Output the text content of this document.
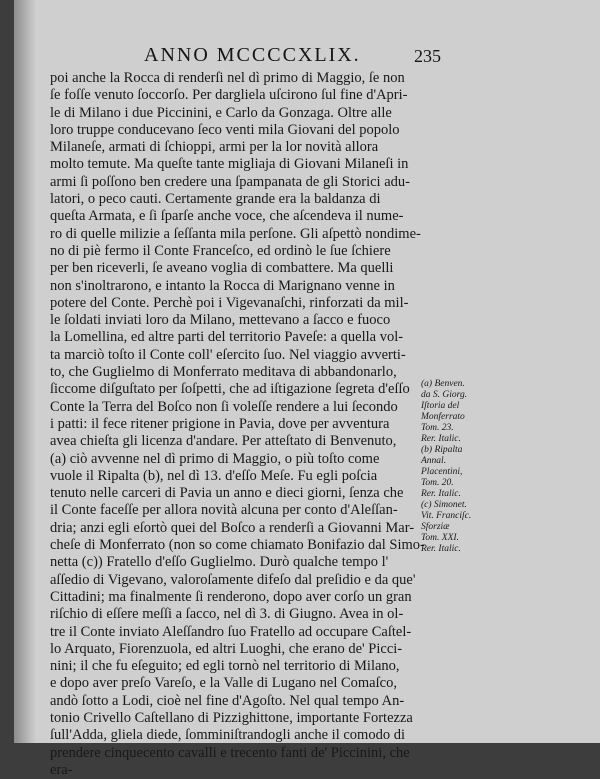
ANNO MCCCCXLIX.	235
poi anche la Rocca di renderſi nel dì primo di Maggio, ſe non
ſe foſſe venuto ſoccorſo. Per dargliela uſcirono ſul fine d'Apri-
le di Milano i due Piccinini, e Carlo da Gonzaga. Oltre alle
loro truppe conducevano ſeco venti mila Giovani del popolo
Milaneſe, armati di ſchioppi, armi per la lor novità allora
molto temute. Ma queſte tante migliaja di Giovani Milaneſi in
armi ſi poſſono ben credere una ſpampanata de gli Storici adu-
latori, o peco cauti. Certamente grande era la baldanza di
queſta Armata, e ſi ſparſe anche voce, che aſcendeva il nume-
ro di quelle milizie a ſeſſanta mila perſone. Gli aſpettò nondime-
no di piè fermo il Conte Franceſco, ed ordinò le ſue ſchiere
per ben riceverli, ſe aveano voglia di combattere. Ma quelli
non s'inoltrarono, e intanto la Rocca di Marignano venne in
potere del Conte. Perchè poi i Vigevanaſchi, rinforzati da mil-
le ſoldati inviati loro da Milano, mettevano a ſacco e fuoco
la Lomellina, ed altre parti del territorio Paveſe: a quella vol-
ta marciò toſto il Conte coll' eſercito ſuo. Nel viaggio avverti-
to, che Guglielmo di Monferrato meditava di abbandonarlo,
ſiccome diſguſtato per ſoſpetti, che ad iſtigazione ſegreta d'eſſo
Conte la Terra del Boſco non ſi voleſſe rendere a lui ſecondo
i patti: il fece ritener prigione in Pavia, dove per avventura
avea chieſta gli licenza d'andare. Per atteſtato di Benvenuto,
(a) ciò avvenne nel dì primo di Maggio, o più toſto come
vuole il Ripalta (b), nel dì 13. d'eſſo Meſe. Fu egli poſcia
tenuto nelle carceri di Pavia un anno e dieci giorni, ſenza che
il Conte faceſſe per allora novità alcuna per conto d'Aleſſan-
dria; anzi egli eſortò quei del Boſco a renderſi a Giovanni Mar-
cheſe di Monferrato (non so come chiamato Bonifazio dal Simo-
netta (c)) Fratello d'eſſo Guglielmo. Durò qualche tempo l'
aſſedio di Vigevano, valoroſamente difeſo dal preſidio e da que'
Cittadini; ma finalmente ſi renderono, dopo aver corſo un gran
riſchio di eſſere meſſi a ſacco, nel dì 3. di Giugno. Avea in ol-
tre il Conte inviato Aleſſandro ſuo Fratello ad occupare Caſtel-
lo Arquato, Fiorenzuola, ed altri Luoghi, che erano de' Picci-
nini; il che fu eſeguito; ed egli tornò nel territorio di Milano,
e dopo aver preſo Vareſo, e la Valle di Lugano nel Comaſco,
andò ſotto a Lodi, cioè nel fine d'Agoſto. Nel qual tempo An-
tonio Crivello Caſtellano di Pizzighittone, importante Fortezza
ſull'Adda, gliela diede, ſomminiſtrandogli anche il comodo di
prendere cinquecento cavalli e trecento fanti de' Piccinini, che
era-
(a) Benven.
da S. Giorg.
Iſtoria del
Monferrato
Tom. 23.
Rer. Italic.
(b) Ripalta
Annal.
Placentini,
Tom. 20.
Rer. Italic.
(c) Simonet.
Vit. Franciſc.
Sforziæ
Tom. XXI.
Rer. Italic.
